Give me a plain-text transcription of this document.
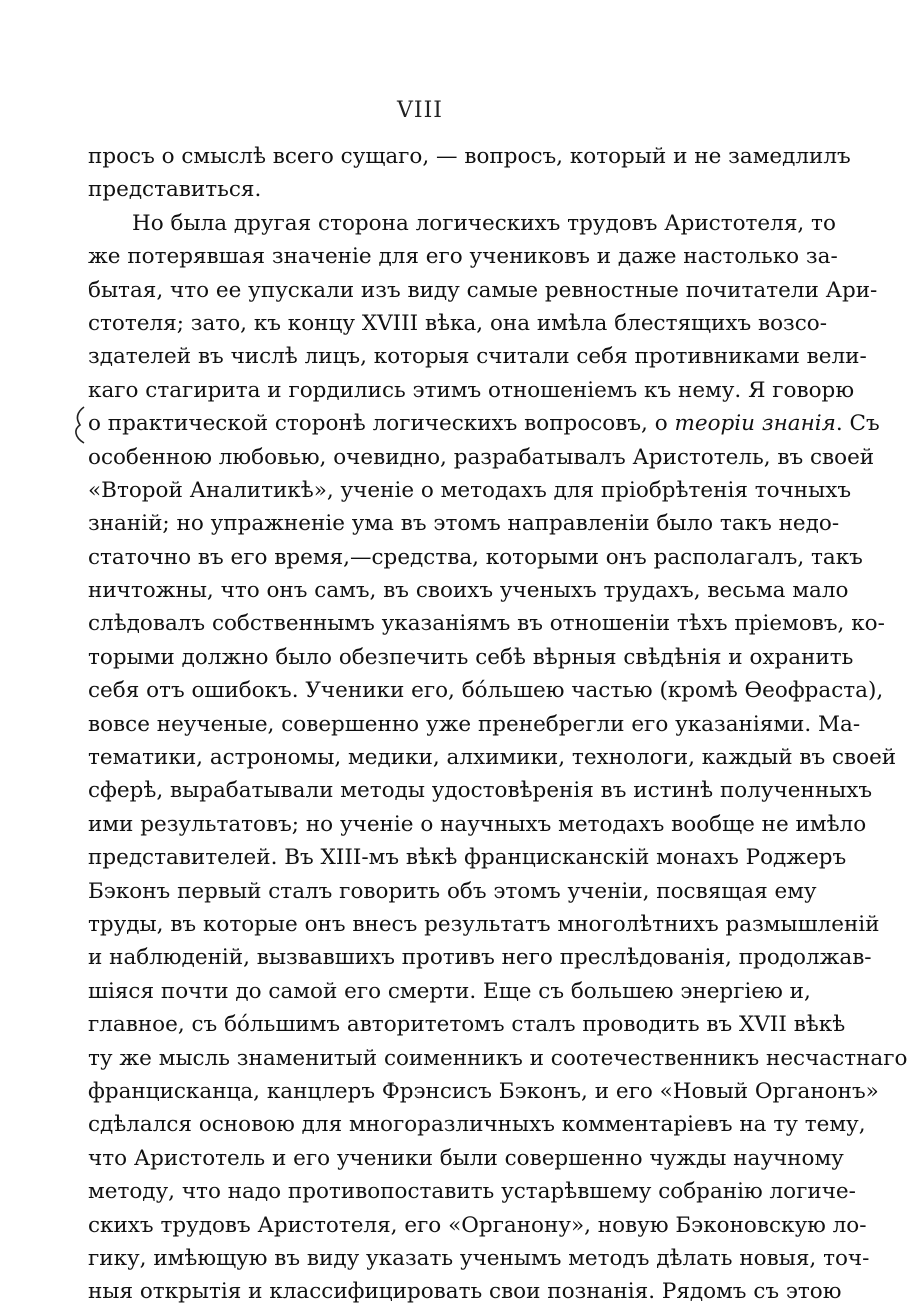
VIII
просъ о смыслѣ всего сущаго, — вопросъ, который и не замедлилъ
представиться.
Но была другая сторона логическихъ трудовъ Аристотеля, то
же потерявшая значеніе для его учениковъ и даже настолько за-
бытая, что ее упускали изъ виду самые ревностные почитатели Ари-
стотеля; зато, къ концу XVIII вѣка, она имѣла блестящихъ возсо-
здателей въ числѣ лицъ, которыя считали себя противниками вели-
каго стагирита и гордились этимъ отношеніемъ къ нему. Я говорю
о практической сторонѣ логическихъ вопросовъ, о теоріи знанія. Съ
особенною любовью, очевидно, разрабатывалъ Аристотель, въ своей
«Второй Аналитикѣ», ученіе о методахъ для пріобрѣтенія точныхъ
знаній; но упражненіе ума въ этомъ направленіи было такъ недо-
статочно въ его время,—средства, которыми онъ располагалъ, такъ
ничтожны, что онъ самъ, въ своихъ ученыхъ трудахъ, весьма мало
слѣдовалъ собственнымъ указаніямъ въ отношеніи тѣхъ пріемовъ, ко-
торыми должно было обезпечить себѣ вѣрныя свѣдѣнія и охранить
себя отъ ошибокъ. Ученики его, бóльшею частью (кромѣ Ѳеофраста),
вовсе неученые, совершенно уже пренебрегли его указаніями. Ма-
тематики, астрономы, медики, алхимики, технологи, каждый въ своей
сферѣ, вырабатывали методы удостовѣренія въ истинѣ полученныхъ
ими результатовъ; но ученіе о научныхъ методахъ вообще не имѣло
представителей. Въ XIII-мъ вѣкѣ францисканскій монахъ Роджеръ
Бэконъ первый сталъ говорить объ этомъ ученіи, посвящая ему
труды, въ которые онъ внесъ результатъ многолѣтнихъ размышленій
и наблюденій, вызвавшихъ противъ него преслѣдованія, продолжав-
шіяся почти до самой его смерти. Еще съ большею энергіею и,
главное, съ бóльшимъ авторитетомъ сталъ проводить въ XVII вѣкѣ
ту же мысль знаменитый соименникъ и соотечественникъ несчастнаго
францисканца, канцлеръ Фрэнсисъ Бэконъ, и его «Новый Органонъ»
сдѣлался основою для многоразличныхъ комментаріевъ на ту тему,
что Аристотель и его ученики были совершенно чужды научному
методу, что надо противопоставить устарѣвшему собранію логиче-
скихъ трудовъ Аристотеля, его «Органону», новую Бэконовскую ло-
гику, имѣющую въ виду указать ученымъ методъ дѣлать новыя, точ-
ныя открытія и классифицировать свои познанія. Рядомъ съ этою
